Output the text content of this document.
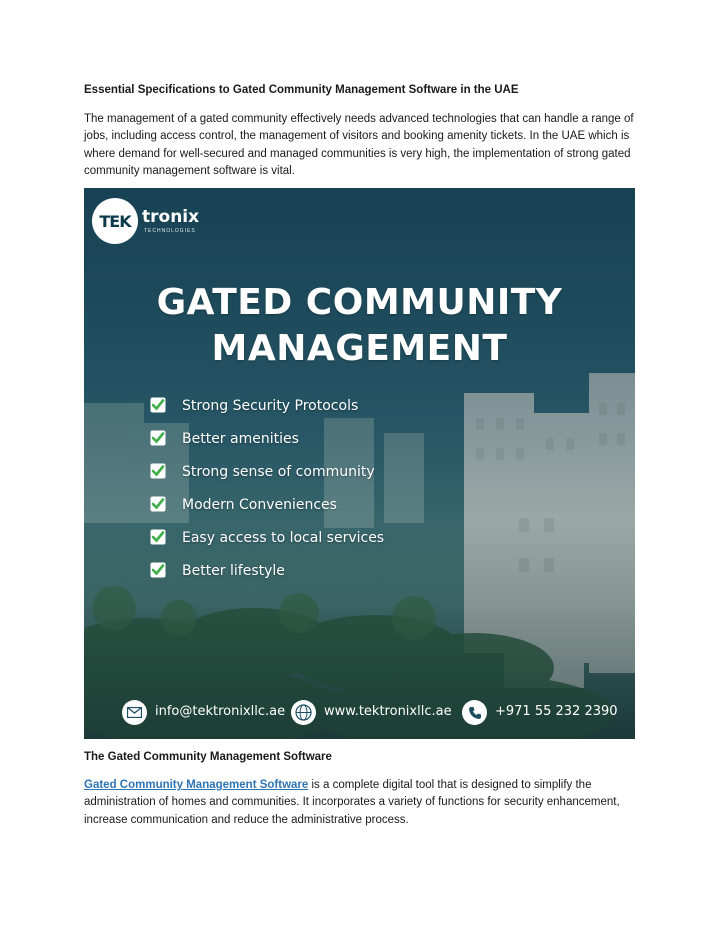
Essential Specifications to Gated Community Management Software in the UAE
The management of a gated community effectively needs advanced technologies that can handle a range of jobs, including access control, the management of visitors and booking amenity tickets. In the UAE which is where demand for well-secured and managed communities is very high, the implementation of strong gated community management software is vital.
TEK tronix
TECHNOLOGIES
GATED COMMUNITY
MANAGEMENT
Strong Security Protocols
Better amenities
Strong sense of community
Modern Conveniences
Easy access to local services
Better lifestyle
info@tektronixllc.ae	www.tektronixllc.ae	+971 55 232 2390
The Gated Community Management Software
Gated Community Management Software is a complete digital tool that is designed to simplify the administration of homes and communities. It incorporates a variety of functions for security enhancement, increase communication and reduce the administrative process.
